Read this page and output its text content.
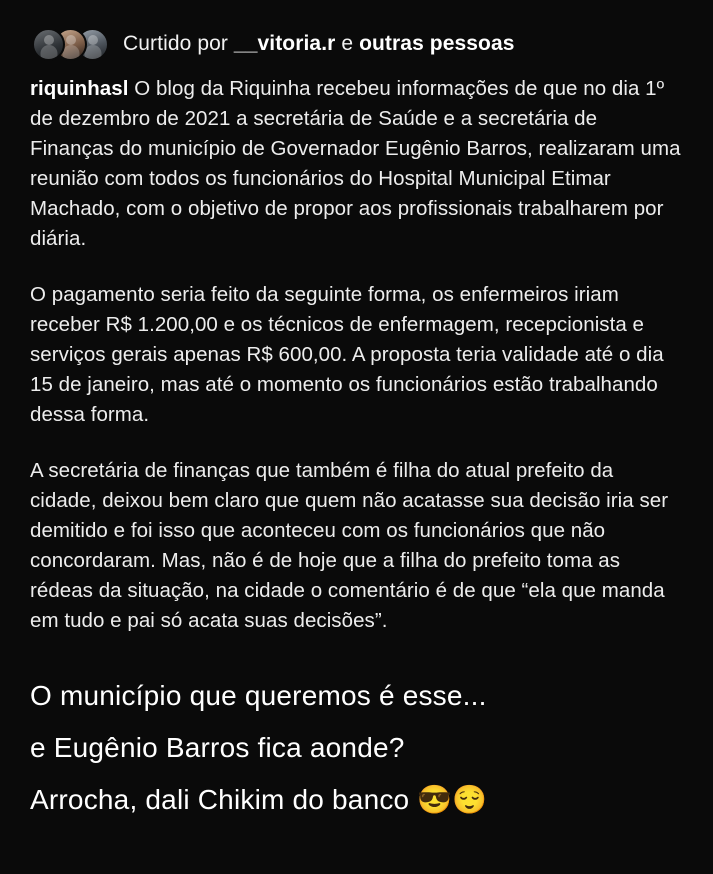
Curtido por __vitoria.r e outras pessoas

riquinhasl O blog da Riquinha recebeu informações de que no dia 1º de dezembro de 2021 a secretária de Saúde e a secretária de Finanças do município de Governador Eugênio Barros, realizaram uma reunião com todos os funcionários do Hospital Municipal Etimar Machado, com o objetivo de propor aos profissionais trabalharem por diária.

O pagamento seria feito da seguinte forma, os enfermeiros iriam receber R$ 1.200,00 e os técnicos de enfermagem, recepcionista e serviços gerais apenas R$ 600,00. A proposta teria validade até o dia 15 de janeiro, mas até o momento os funcionários estão trabalhando dessa forma.

A secretária de finanças que também é filha do atual prefeito da cidade, deixou bem claro que quem não acatasse sua decisão iria ser demitido e foi isso que aconteceu com os funcionários que não concordaram. Mas, não é de hoje que a filha do prefeito toma as rédeas da situação, na cidade o comentário é de que “ela que manda em tudo e pai só acata suas decisões”.

O município que queremos é esse...
e Eugênio Barros fica aonde?
Arrocha, dali Chikim do banco 😎😌
